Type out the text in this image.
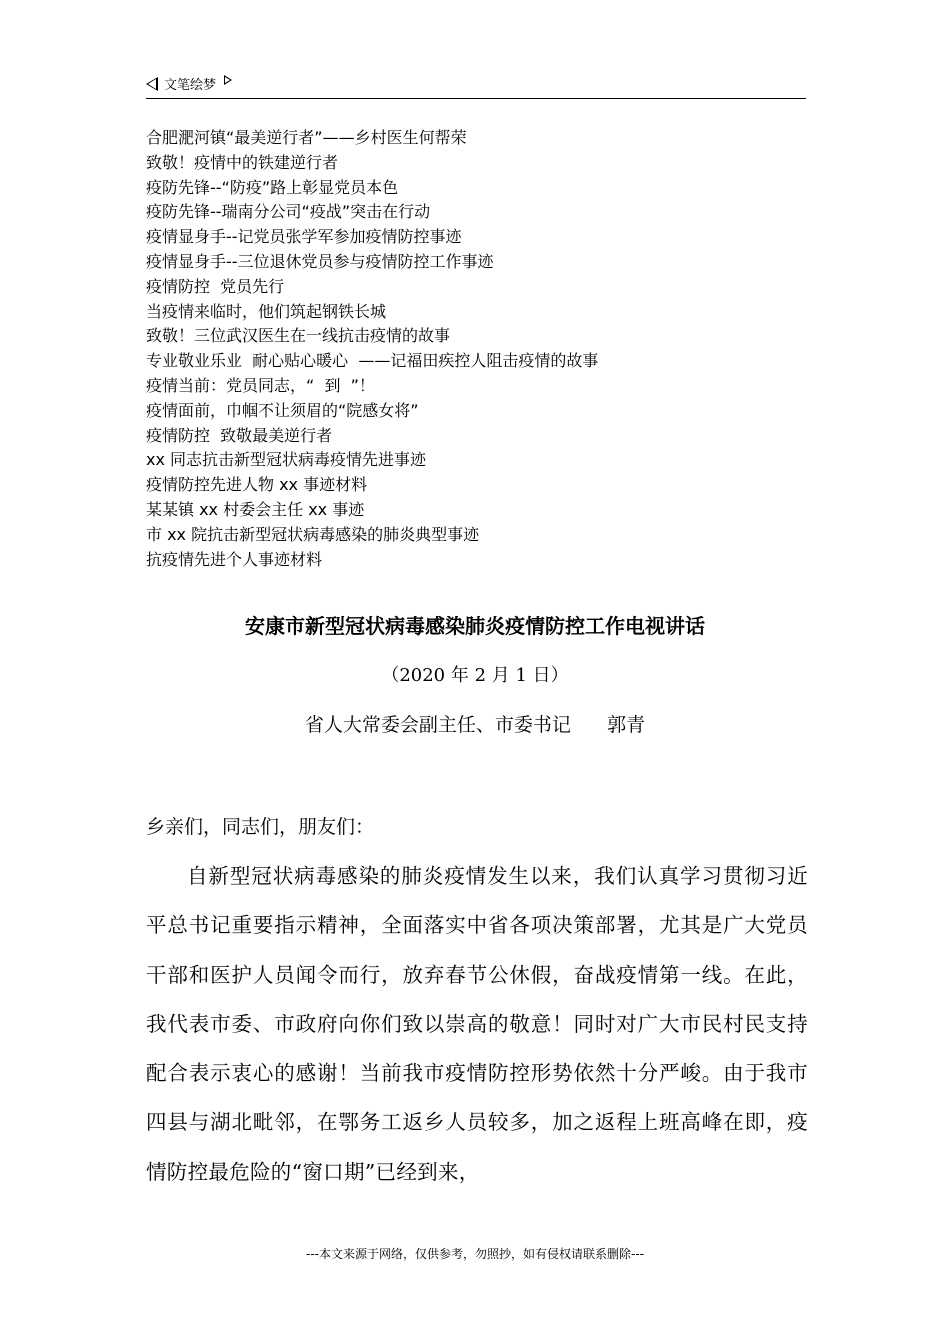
文笔绘梦
合肥淝河镇“最美逆行者”——乡村医生何帮荣
致敬！疫情中的铁建逆行者
疫防先锋--“防疫”路上彰显党员本色
疫防先锋--瑞南分公司“疫战”突击在行动
疫情显身手--记党员张学军参加疫情防控事迹
疫情显身手--三位退休党员参与疫情防控工作事迹
疫情防控  党员先行
当疫情来临时，他们筑起钢铁长城
致敬！三位武汉医生在一线抗击疫情的故事
专业敬业乐业  耐心贴心暖心  ——记福田疾控人阻击疫情的故事
疫情当前：党员同志，“  到  ”！
疫情面前，巾帼不让须眉的“院感女将”
疫情防控  致敬最美逆行者
xx 同志抗击新型冠状病毒疫情先进事迹
疫情防控先进人物 xx 事迹材料
某某镇 xx 村委会主任 xx 事迹
市 xx 院抗击新型冠状病毒感染的肺炎典型事迹
抗疫情先进个人事迹材料
安康市新型冠状病毒感染肺炎疫情防控工作电视讲话
（2020 年 2 月 1 日）
省人大常委会副主任、市委书记      郭青
乡亲们，同志们，朋友们：

自新型冠状病毒感染的肺炎疫情发生以来，我们认真学习贯彻习近平总书记重要指示精神，全面落实中省各项决策部署，尤其是广大党员干部和医护人员闻令而行，放弃春节公休假，奋战疫情第一线。在此，我代表市委、市政府向你们致以崇高的敬意！同时对广大市民村民支持配合表示衷心的感谢！当前我市疫情防控形势依然十分严峻。由于我市四县与湖北毗邻，在鄂务工返乡人员较多，加之返程上班高峰在即，疫情防控最危险的“窗口期”已经到来，

---本文来源于网络，仅供参考，勿照抄，如有侵权请联系删除---
